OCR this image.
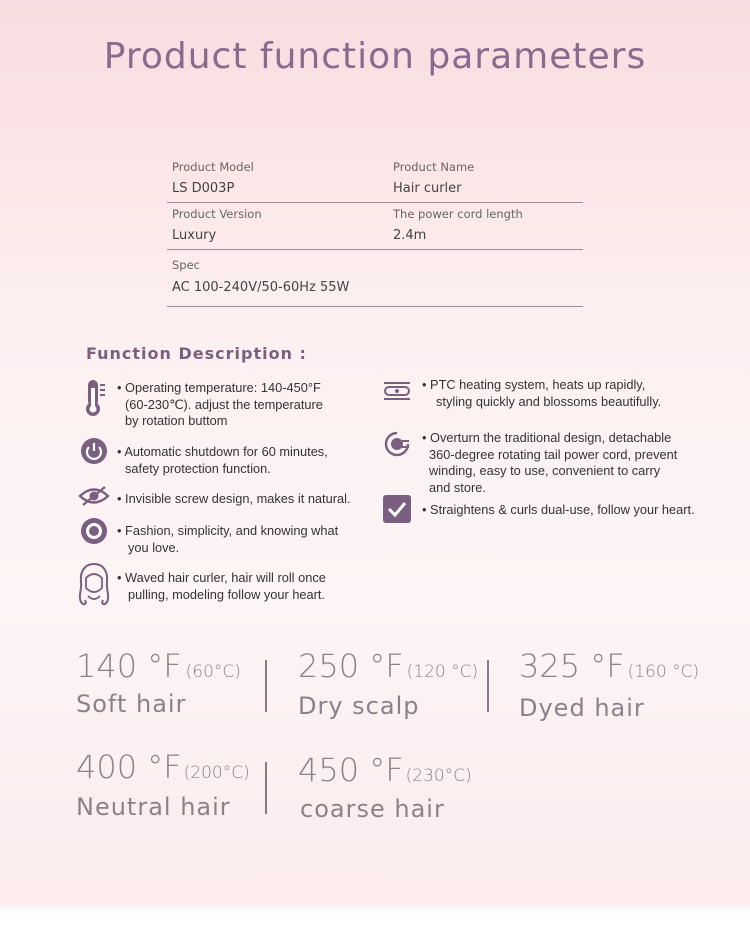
Product function parameters
Product Model
LS D003P
Product Name
Hair curler
Product Version
Luxury
The power cord length
2.4m
Spec
AC 100-240V/50-60Hz 55W
Function Description :
• Operating temperature: 140-450°F
(60-230℃). adjust the temperature
by rotation buttom
• Automatic shutdown for 60 minutes,
safety protection function.
• Invisible screw design, makes it natural.
• Fashion, simplicity, and knowing what
you love.
• Waved hair curler, hair will roll once
pulling, modeling follow your heart.
• PTC heating system, heats up rapidly,
styling quickly and blossoms beautifully.
• Overturn the traditional design, detachable
360-degree rotating tail power cord, prevent
winding, easy to use, convenient to carry
and store.
• Straightens & curls dual-use, follow your heart.
140 °F (60°C)
Soft hair
250 °F (120 °C)
Dry scalp
325 °F (160 °C)
Dyed hair
400 °F (200°C)
Neutral hair
450 °F (230°C)
coarse hair
